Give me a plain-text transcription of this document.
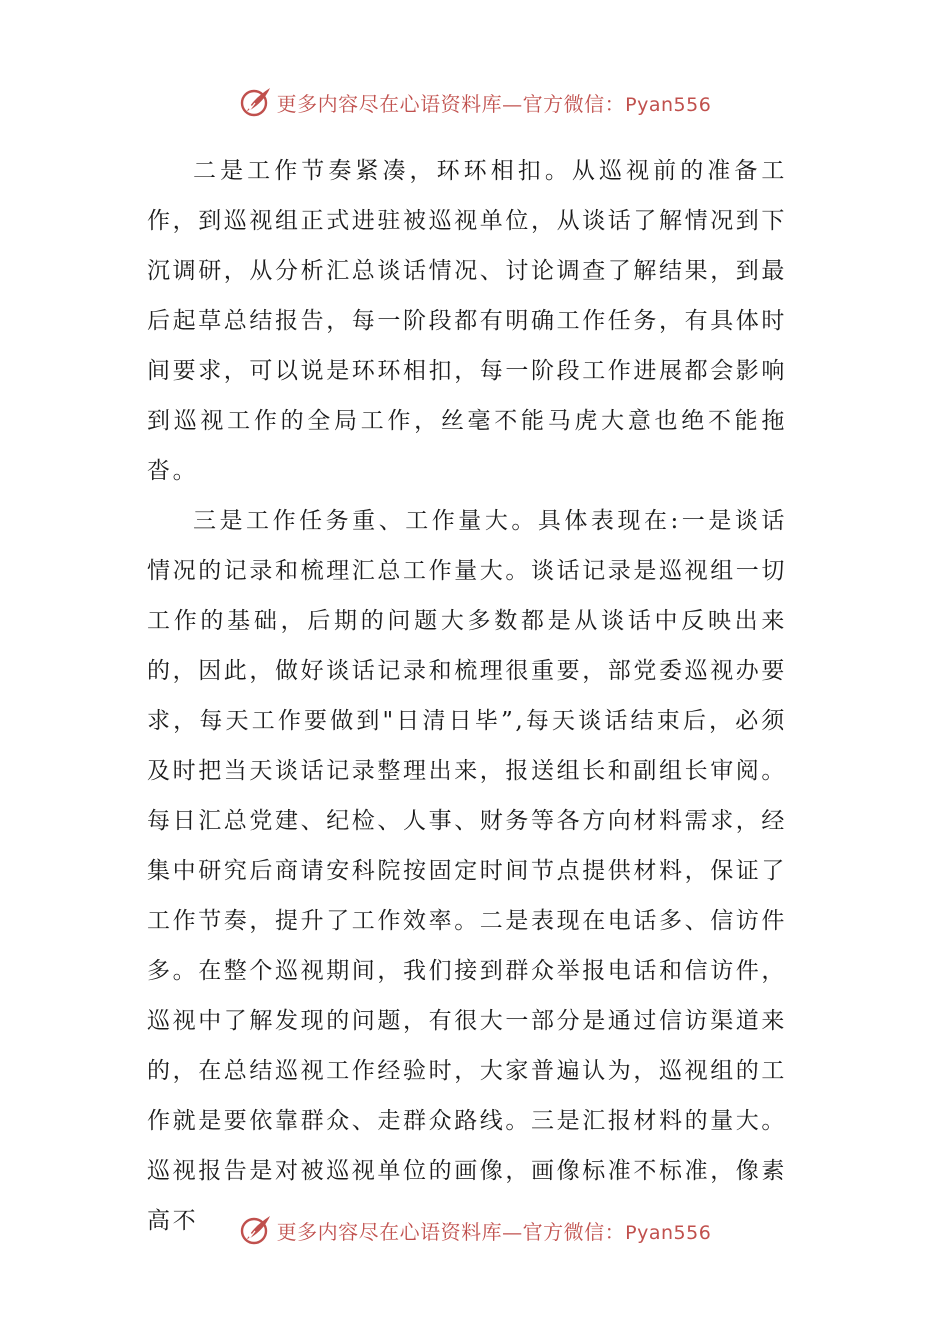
更多内容尽在心语资料库—官方微信：Pyan556

二是工作节奏紧凑，环环相扣。从巡视前的准备工作，到巡视组正式进驻被巡视单位，从谈话了解情况到下沉调研，从分析汇总谈话情况、讨论调查了解结果，到最后起草总结报告，每一阶段都有明确工作任务，有具体时间要求，可以说是环环相扣，每一阶段工作进展都会影响到巡视工作的全局工作，丝毫不能马虎大意也绝不能拖沓。

三是工作任务重、工作量大。具体表现在:一是谈话情况的记录和梳理汇总工作量大。谈话记录是巡视组一切工作的基础，后期的问题大多数都是从谈话中反映出来的，因此，做好谈话记录和梳理很重要，部党委巡视办要求，每天工作要做到"日清日毕”,每天谈话结束后，必须及时把当天谈话记录整理出来，报送组长和副组长审阅。每日汇总党建、纪检、人事、财务等各方向材料需求，经集中研究后商请安科院按固定时间节点提供材料，保证了工作节奏，提升了工作效率。二是表现在电话多、信访件多。在整个巡视期间，我们接到群众举报电话和信访件，巡视中了解发现的问题，有很大一部分是通过信访渠道来的，在总结巡视工作经验时，大家普遍认为，巡视组的工作就是要依靠群众、走群众路线。三是汇报材料的量大。巡视报告是对被巡视单位的画像，画像标准不标准，像素高不	更多内容尽在心语资料库—官方微信：Pyan556
